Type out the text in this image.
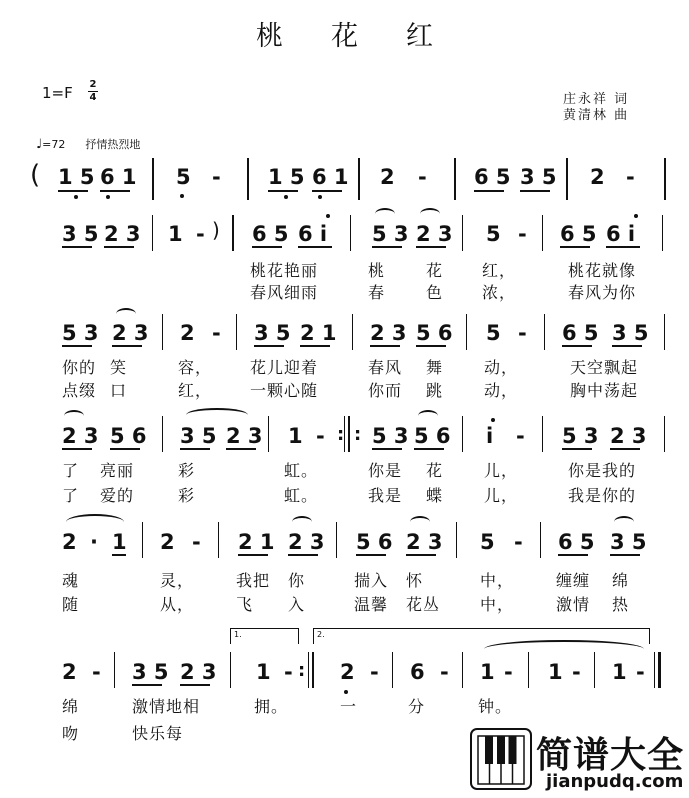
桃花红
1=F 2
4	庄永祥 词
黄清林 曲
♩=72 抒情热烈地
( 1 5 6 1 5 - 1 5 6 1 2 - 6 5 3 5 2 -
3 5 2 3 1 - ) 6 5 6 i 5 3 2 3 5 - 6 5 6 i
桃花艳丽	桃	花 红，	桃花就像
春风细雨	春	色 浓，	春风为你
5 3 2 3 2 - 3 5 2 1 2 3 5 6 5 - 6 5 3 5
你的 笑	容， 花儿迎着	春风 舞	动，	天空飘起
点缀 口	红， 一颗心随	你而 跳	动，	胸中荡起
2 3 5 6 3 5 2 3 1 - : : 5 3 5 6 i - 5 3 2 3
了 亮丽	彩	虹。	你是 花	儿，	你是我的
了 爱的	彩	虹。	我是 蝶	儿，	我是你的
2 · 1 2 - 2 1 2 3 5 6 2 3 5 - 6 5 3 5
魂	灵，	我把 你	揣入 怀	中，	缠缠 绵
随	从，	飞 入	温馨 花丛 中，	激情 热
1.	2.
2 - 3 5 2 3 1 - : 2 - 6 - 1 - 1 - 1 -
绵	激情地相	拥。	一	分	钟。
吻	快乐每
简谱大全
jianpudq.com
